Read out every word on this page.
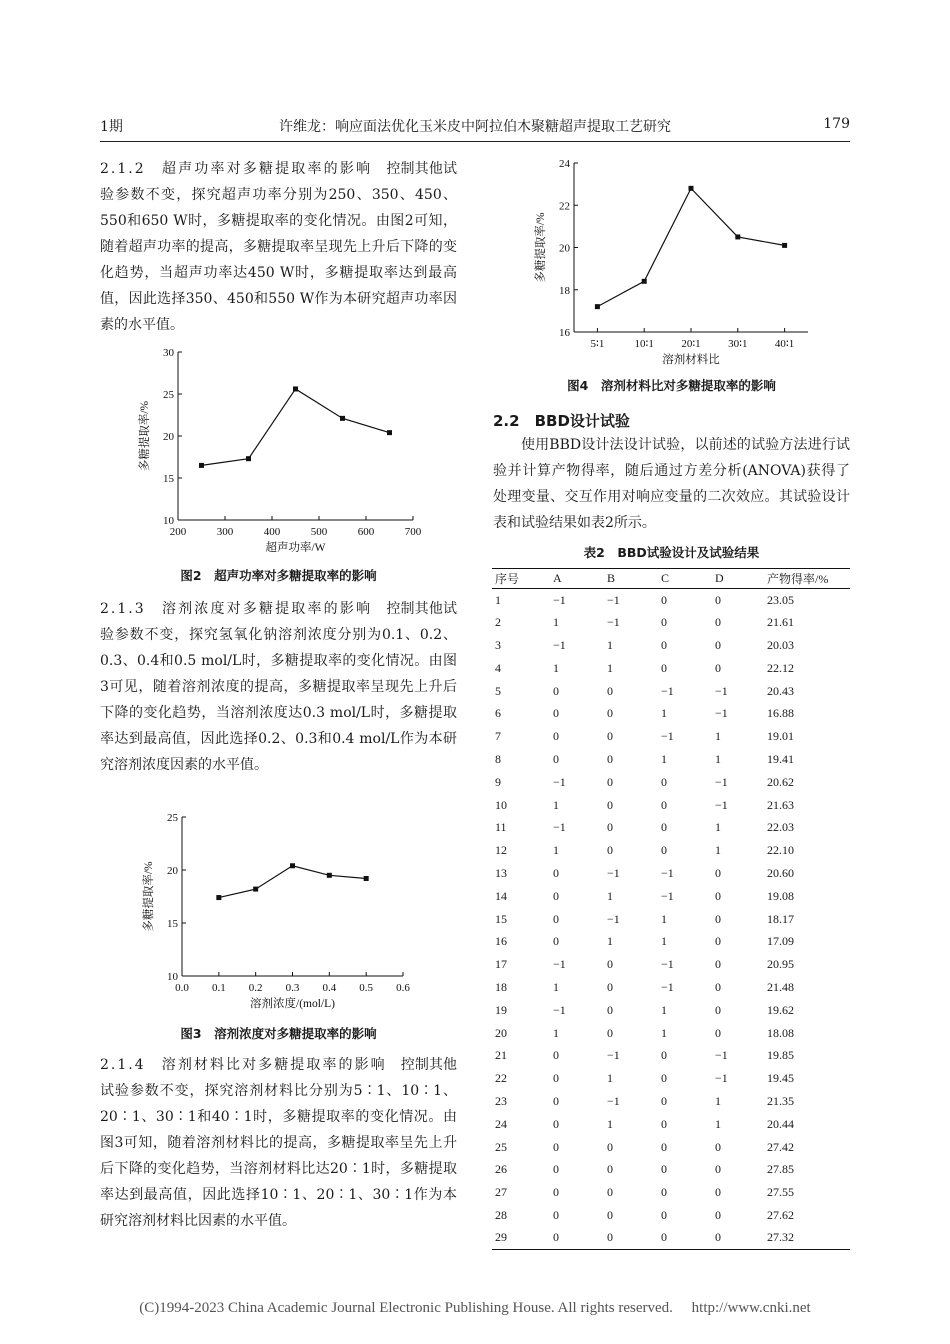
1期	许维龙：响应面法优化玉米皮中阿拉伯木聚糖超声提取工艺研究	179
2.1.2　超声功率对多糖提取率的影响　控制其他试验参数不变，探究超声功率分别为250、350、450、550和650 W时，多糖提取率的变化情况。由图2可知，随着超声功率的提高，多糖提取率呈现先上升后下降的变化趋势，当超声功率达450 W时，多糖提取率达到最高值，因此选择350、450和550 W作为本研究超声功率因素的水平值。
200	300	400	500	600	700
10
15
20
25
30
超声功率/W
多糖提取率/%
图2　超声功率对多糖提取率的影响
2.1.3　溶剂浓度对多糖提取率的影响　控制其他试验参数不变，探究氢氧化钠溶剂浓度分别为0.1、0.2、0.3、0.4和0.5 mol/L时，多糖提取率的变化情况。由图3可见，随着溶剂浓度的提高，多糖提取率呈现先上升后下降的变化趋势，当溶剂浓度达0.3 mol/L时，多糖提取率达到最高值，因此选择0.2、0.3和0.4 mol/L作为本研究溶剂浓度因素的水平值。
0.0 0.1 0.2 0.3 0.4 0.5 0.6
10
15
20
25
溶剂浓度/(mol/L)
多糖提取率/%
图3　溶剂浓度对多糖提取率的影响
2.1.4　溶剂材料比对多糖提取率的影响　控制其他试验参数不变，探究溶剂材料比分别为5∶1、10∶1、20∶1、30∶1和40∶1时，多糖提取率的变化情况。由图3可知，随着溶剂材料比的提高，多糖提取率呈先上升后下降的变化趋势，当溶剂材料比达20∶1时，多糖提取率达到最高值，因此选择10∶1、20∶1、30∶1作为本研究溶剂材料比因素的水平值。
5∶1	10∶1 20∶1 30∶1 40∶1
16
18
20
22
24
溶剂材料比
多糖提取率/%
图4　溶剂材料比对多糖提取率的影响
2.2　BBD设计试验
使用BBD设计法设计试验，以前述的试验方法进行试验并计算产物得率，随后通过方差分析(ANOVA)获得了处理变量、交互作用对响应变量的二次效应。其试验设计表和试验结果如表2所示。
表2　BBD试验设计及试验结果
序号	A	B	C	D	产物得率/%
1	−1	−1	0	0	23.05
2	1	−1	0	0	21.61
3	−1	1	0	0	20.03
4	1	1	0	0	22.12
5	0	0	−1	−1	20.43
6	0	0	1	−1	16.88
7	0	0	−1	1	19.01
8	0	0	1	1	19.41
9	−1	0	0	−1	20.62
10	1	0	0	−1	21.63
11	−1	0	0	1	22.03
12	1	0	0	1	22.10
13	0	−1	−1	0	20.60
14	0	1	−1	0	19.08
15	0	−1	1	0	18.17
16	0	1	1	0	17.09
17	−1	0	−1	0	20.95
18	1	0	−1	0	21.48
19	−1	0	1	0	19.62
20	1	0	1	0	18.08
21	0	−1	0	−1	19.85
22	0	1	0	−1	19.45
23	0	−1	0	1	21.35
24	0	1	0	1	20.44
25	0	0	0	0	27.42
26	0	0	0	0	27.85
27	0	0	0	0	27.55
28	0	0	0	0	27.62
29	0	0	0	0	27.32
(C)1994-2023 China Academic Journal Electronic Publishing House. All rights reserved.　 http://www.cnki.net
